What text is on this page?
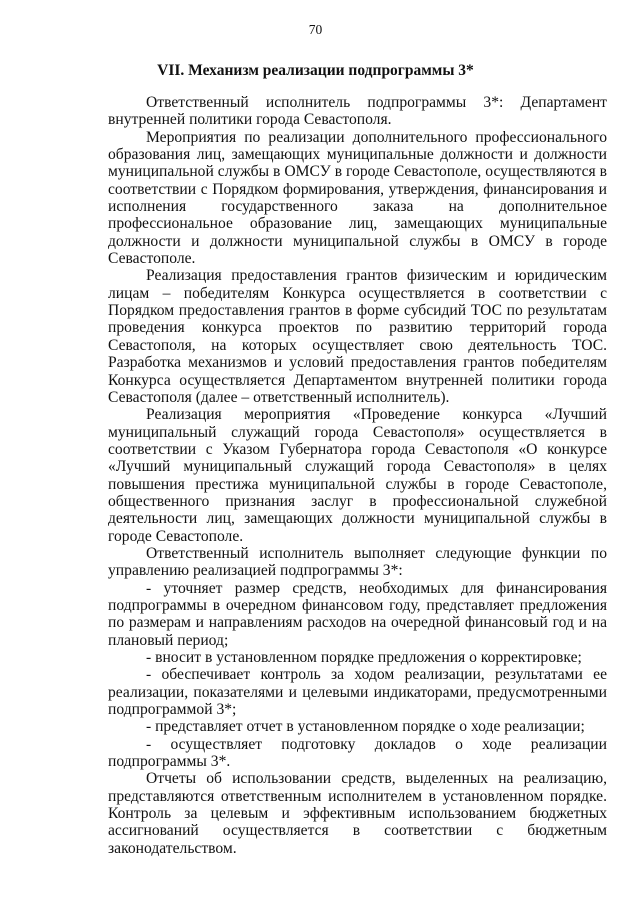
70
VII. Механизм реализации подпрограммы 3*

Ответственный исполнитель подпрограммы 3*: Департамент внутренней политики города Севастополя.

Мероприятия по реализации дополнительного профессионального образования лиц, замещающих муниципальные должности и должности муниципальной службы в ОМСУ в городе Севастополе, осуществляются в соответствии с Порядком формирования, утверждения, финансирования и исполнения государственного заказа на дополнительное профессиональное образование лиц, замещающих муниципальные должности и должности муниципальной службы в ОМСУ в городе Севастополе.

Реализация предоставления грантов физическим и юридическим лицам – победителям Конкурса осуществляется в соответствии с Порядком предоставления грантов в форме субсидий ТОС по результатам проведения конкурса проектов по развитию территорий города Севастополя, на которых осуществляет свою деятельность ТОС. Разработка механизмов и условий предоставления грантов победителям Конкурса осуществляется Департаментом внутренней политики города Севастополя (далее – ответственный исполнитель).

Реализация мероприятия «Проведение конкурса «Лучший муниципальный служащий города Севастополя» осуществляется в соответствии с Указом Губернатора города Севастополя «О конкурсе «Лучший муниципальный служащий города Севастополя» в целях повышения престижа муниципальной службы в городе Севастополе, общественного признания заслуг в профессиональной служебной деятельности лиц, замещающих должности муниципальной службы в городе Севастополе.

Ответственный исполнитель выполняет следующие функции по управлению реализацией подпрограммы 3*:

- уточняет размер средств, необходимых для финансирования подпрограммы в очередном финансовом году, представляет предложения по размерам и направлениям расходов на очередной финансовый год и на плановый период;

- вносит в установленном порядке предложения о корректировке;

- обеспечивает контроль за ходом реализации, результатами ее реализации, показателями и целевыми индикаторами, предусмотренными подпрограммой 3*;

- представляет отчет в установленном порядке о ходе реализации;

- осуществляет подготовку докладов о ходе реализации подпрограммы 3*.

Отчеты об использовании средств, выделенных на реализацию, представляются ответственным исполнителем в установленном порядке. Контроль за целевым и эффективным использованием бюджетных ассигнований осуществляется в соответствии с бюджетным законодательством.
